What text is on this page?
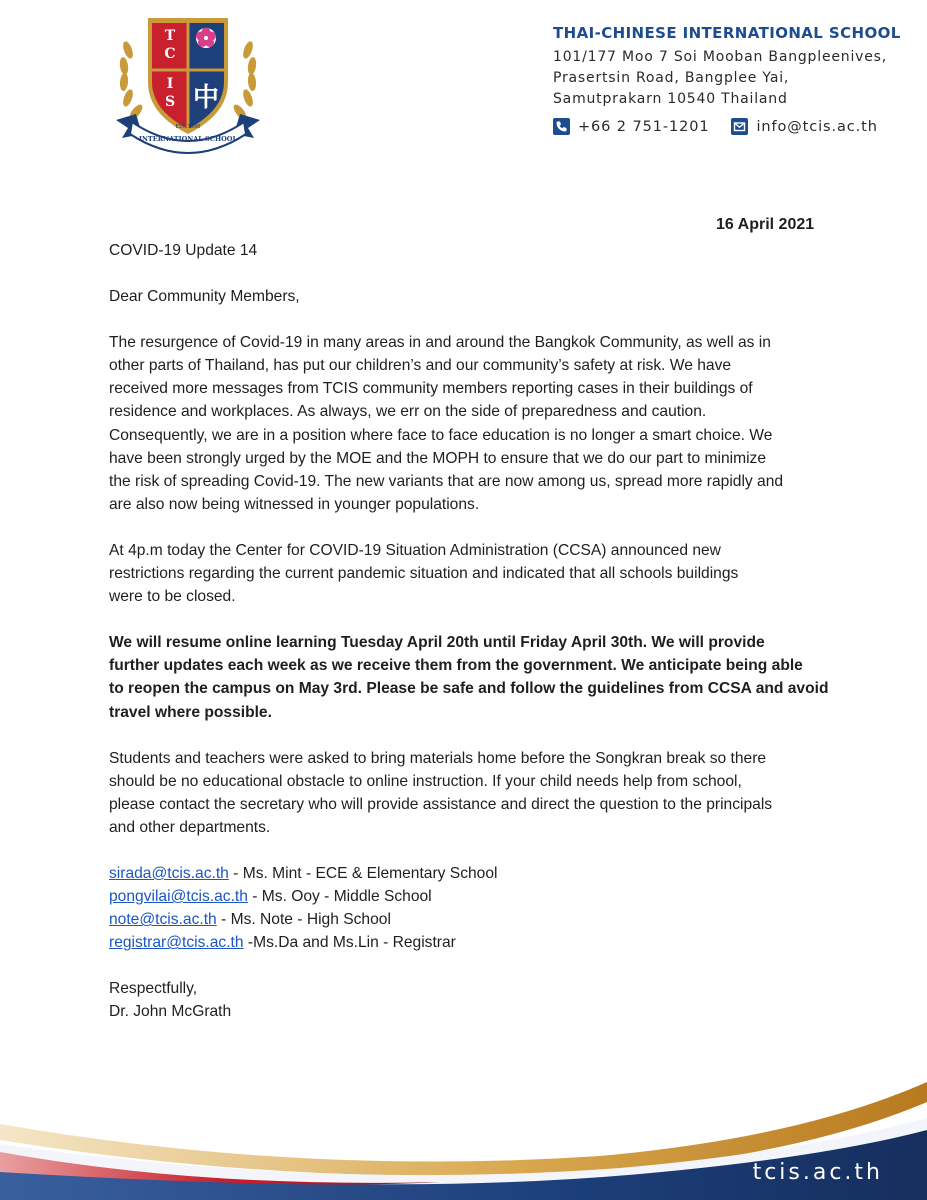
T
C
I
S 中
EST. 1998
INTERNATIONAL SCHOOL
THAI-CHINESE INTERNATIONAL SCHOOL
101/177 Moo 7 Soi Mooban Bangpleenives,
Prasertsin Road, Bangplee Yai,
Samutprakarn 10540 Thailand
+66 2 751-1201	info@tcis.ac.th
16 April 2021

COVID-19 Update 14

Dear Community Members,

The resurgence of Covid-19 in many areas in and around the Bangkok Community, as well as in
other parts of Thailand, has put our children’s and our community’s safety at risk. We have
received more messages from TCIS community members reporting cases in their buildings of
residence and workplaces. As always, we err on the side of preparedness and caution.
Consequently, we are in a position where face to face education is no longer a smart choice. We
have been strongly urged by the MOE and the MOPH to ensure that we do our part to minimize
the risk of spreading Covid-19. The new variants that are now among us, spread more rapidly and
are also now being witnessed in younger populations.

At 4p.m today the Center for COVID-19 Situation Administration (CCSA) announced new
restrictions regarding the current pandemic situation and indicated that all schools buildings
were to be closed.

We will resume online learning Tuesday April 20th until Friday April 30th. We will provide
further updates each week as we receive them from the government. We anticipate being able
to reopen the campus on May 3rd. Please be safe and follow the guidelines from CCSA and avoid
travel where possible.

Students and teachers were asked to bring materials home before the Songkran break so there
should be no educational obstacle to online instruction. If your child needs help from school,
please contact the secretary who will provide assistance and direct the question to the principals
and other departments.

sirada@tcis.ac.th - Ms. Mint - ECE & Elementary School
pongvilai@tcis.ac.th - Ms. Ooy - Middle School
note@tcis.ac.th - Ms. Note - High School
registrar@tcis.ac.th -Ms.Da and Ms.Lin - Registrar

Respectfully,
Dr. John McGrath

tcis.ac.th
